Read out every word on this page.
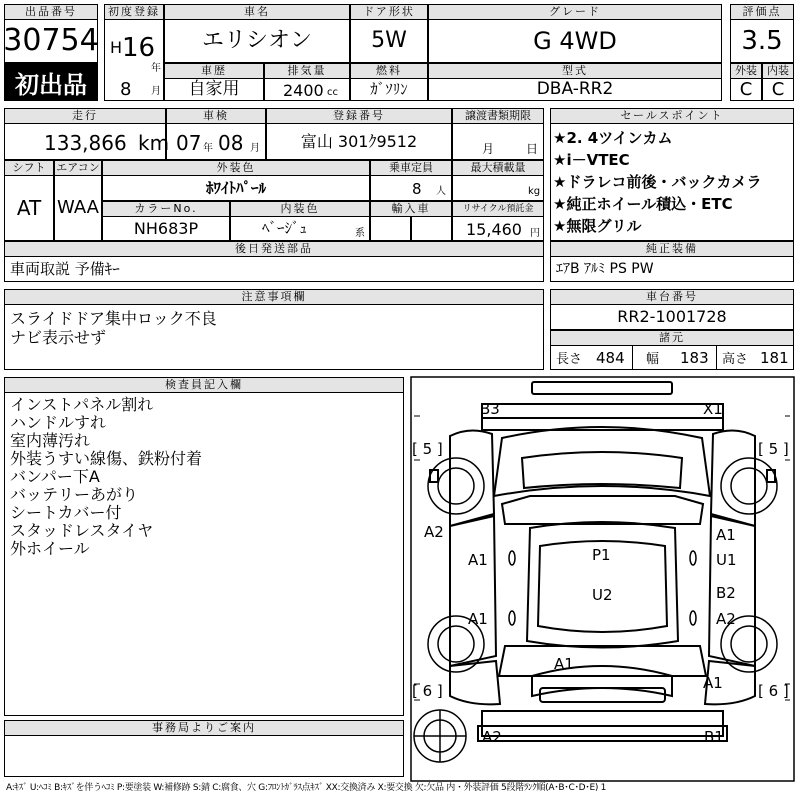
出品番号
30754
初出品
初度登録
H 16
年
8 月
車名
エリシオン
ドア形状
5W
グレード
G 4WD
車歴
自家用
排気量
2400 cc
燃料
ｶﾞｿﾘﾝ
型式
DBA-RR2
評価点
3.5
外装
C
内装
C
走行
133,866 km
車検
07 年 08 月
登録番号
富山 301ｸ9512
譲渡書類期限
月	日
シフト
AT
エアコン
WAA
外装色
ﾎﾜｲﾄﾊﾟｰﾙ
乗車定員
8 人
最大積載量
kg
カラーNo.
NH683P
内装色
ﾍﾞｰｼﾞｭ	系
輸入車	リサイクル預託金
15,460 円
セールスポイント
★2. 4ツインカム
★i－VTEC
★ドラレコ前後・バックカメラ
★純正ホイール積込・ETC
★無限グリル
後日発送部品
車両取説 予備ｷｰ
純正装備
ｴｱB ｱﾙﾐ PS PW
注意事項欄
スライドドア集中ロック不良
ナビ表示せず
車台番号
RR2-1001728
諸元
長さ 484 幅 183 高さ 181
検査員記入欄
インストパネル割れ
ハンドルすれ
室内薄汚れ
外装うすい線傷、鉄粉付着
バンパー下A
バッテリーあがり
シートカバー付
スタッドレスタイヤ
外ホイール
事務局よりご案内
B3	X1
[ 5 ]	[ 5 ]
A2
A1
A1
U1
P1
U2	B2
A1	A2
A1
A1
[ 6 ]	[ 6 ]
A2	B1
A:ｷｽﾞ U:ﾍｺﾐ B:ｷｽﾞを伴うﾍｺﾐ P:要塗装 W:補修跡 S:錆 C:腐食、穴 G:ﾌﾛﾝﾄｶﾞﾗｽ点ｷｽﾞ XX:交換済み X:要交換 欠:欠品 内・外装評価 5段階ﾗﾝｸ順(A･B･C･D･E) 1
